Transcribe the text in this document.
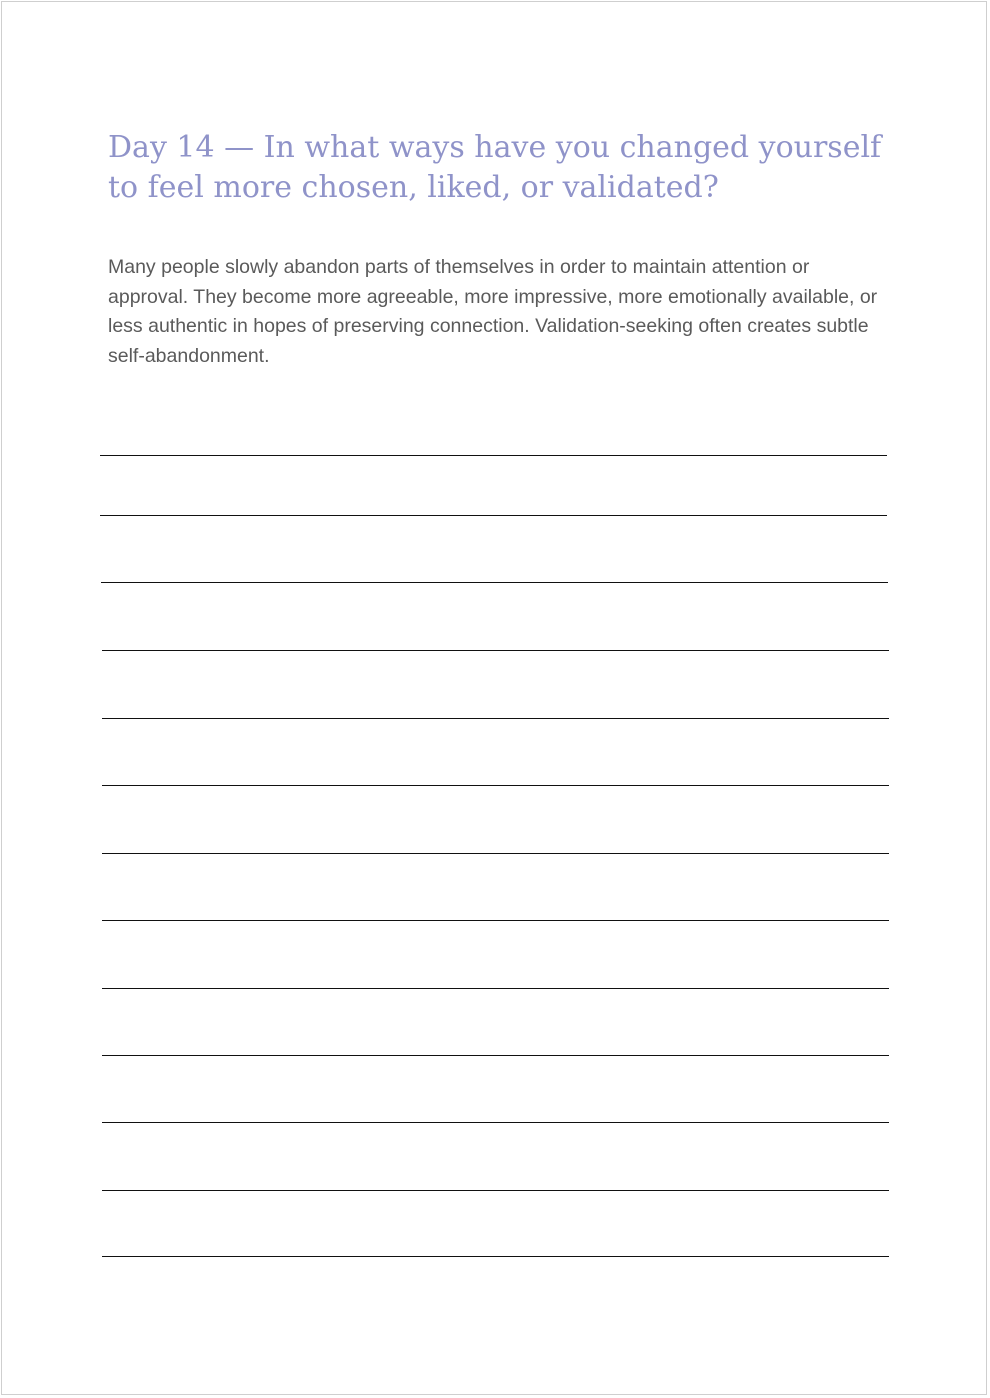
Day 14 — In what ways have you changed yourself to feel more chosen, liked, or validated?

Many people slowly abandon parts of themselves in order to maintain attention or approval. They become more agreeable, more impressive, more emotionally available, or less authentic in hopes of preserving connection. Validation-seeking often creates subtle self-abandonment.
